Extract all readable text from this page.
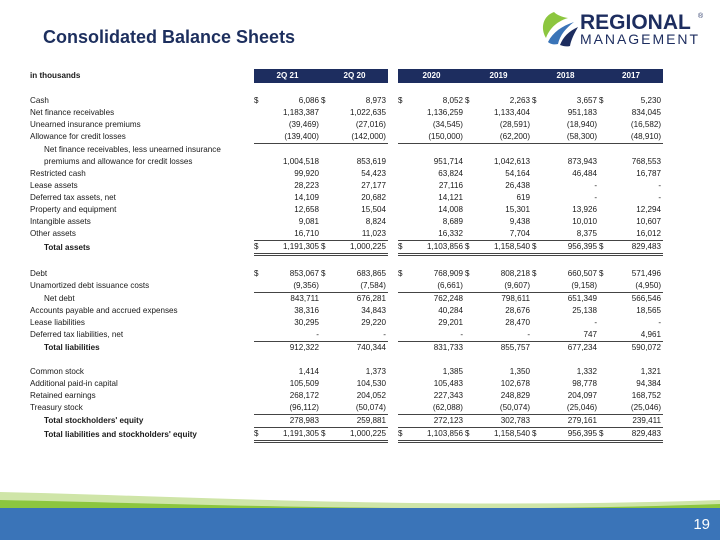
Consolidated Balance Sheets
REGIONAL
MANAGEMENT
®
in thousands	2Q 21		2Q 20			2020		2019		2018		2017	

Cash	$	6,086	$	8,973		$	8,052	$	2,263	$	3,657	$	5,230
Net finance receivables		1,183,387		1,022,635			1,136,259		1,133,404		951,183		834,045
Unearned insurance premiums		(39,469)		(27,016)			(34,545)		(28,591)		(18,940)		(16,582)
Allowance for credit losses		(139,400)		(142,000)			(150,000)		(62,200)		(58,300)		(48,910)
Net finance receivables, less unearned insurance													
premiums and allowance for credit losses		1,004,518		853,619			951,714		1,042,613		873,943		768,553
Restricted cash		99,920		54,423			63,824		54,164		46,484		16,787
Lease assets		28,223		27,177			27,116		26,438		-		-
Deferred tax assets, net		14,109		20,682			14,121		619		-		-
Property and equipment		12,658		15,504			14,008		15,301		13,926		12,294
Intangible assets		9,081		8,824			8,689		9,438		10,010		10,607
Other assets		16,710		11,023			16,332		7,704		8,375		16,012
Total assets	$	1,191,305	$	1,000,225		$	1,103,856	$	1,158,540	$	956,395	$	829,483

Debt	$	853,067	$	683,865		$	768,909	$	808,218	$	660,507	$	571,496
Unamortized debt issuance costs		(9,356)		(7,584)			(6,661)		(9,607)		(9,158)		(4,950)
Net debt		843,711		676,281			762,248		798,611		651,349		566,546
Accounts payable and accrued expenses		38,316		34,843			40,284		28,676		25,138		18,565
Lease liabilities		30,295		29,220			29,201		28,470		-		-
Deferred tax liabilities, net		-		-			-		-		747		4,961
Total liabilities		912,322		740,344			831,733		855,757		677,234		590,072

Common stock		1,414		1,373			1,385		1,350		1,332		1,321
Additional paid-in capital		105,509		104,530			105,483		102,678		98,778		94,384
Retained earnings		268,172		204,052			227,343		248,829		204,097		168,752
Treasury stock		(96,112)		(50,074)			(62,088)		(50,074)		(25,046)		(25,046)
Total stockholders' equity		278,983		259,881			272,123		302,783		279,161		239,411
Total liabilities and stockholders' equity	$	1,191,305	$	1,000,225		$	1,103,856	$	1,158,540	$	956,395	$	829,483
19
